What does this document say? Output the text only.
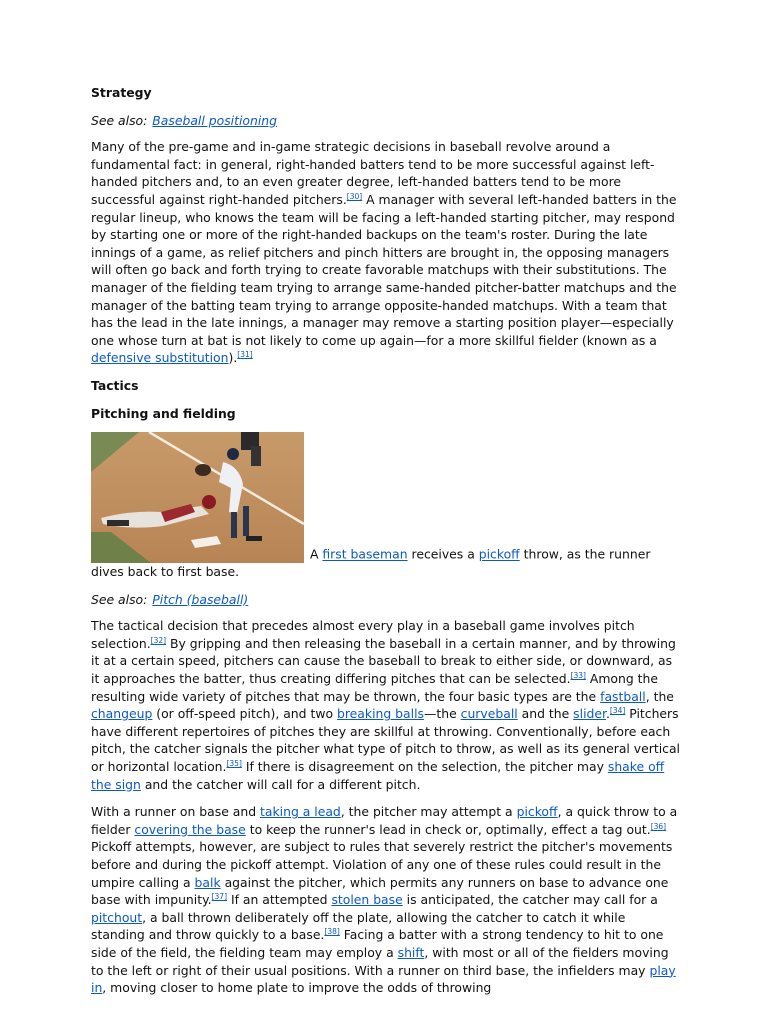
Strategy
See also: Baseball positioning

Many of the pre-game and in-game strategic decisions in baseball revolve around a fundamental fact: in general, right-handed batters tend to be more successful against left-handed pitchers and, to an even greater degree, left-handed batters tend to be more successful against right-handed pitchers.[30] A manager with several left-handed batters in the regular lineup, who knows the team will be facing a left-handed starting pitcher, may respond by starting one or more of the right-handed backups on the team's roster. During the late innings of a game, as relief pitchers and pinch hitters are brought in, the opposing managers will often go back and forth trying to create favorable matchups with their substitutions. The manager of the fielding team trying to arrange same-handed pitcher-batter matchups and the manager of the batting team trying to arrange opposite-handed matchups. With a team that has the lead in the late innings, a manager may remove a starting position player—especially one whose turn at bat is not likely to come up again—for a more skillful fielder (known as a defensive substitution).[31]

Tactics
Pitching and fielding
A first baseman receives a pickoff throw, as the runner dives back to first base.
See also: Pitch (baseball)

The tactical decision that precedes almost every play in a baseball game involves pitch selection.[32] By gripping and then releasing the baseball in a certain manner, and by throwing it at a certain speed, pitchers can cause the baseball to break to either side, or downward, as it approaches the batter, thus creating differing pitches that can be selected.[33] Among the resulting wide variety of pitches that may be thrown, the four basic types are the fastball, the changeup (or off-speed pitch), and two breaking balls—the curveball and the slider.[34] Pitchers have different repertoires of pitches they are skillful at throwing. Conventionally, before each pitch, the catcher signals the pitcher what type of pitch to throw, as well as its general vertical or horizontal location.[35] If there is disagreement on the selection, the pitcher may shake off the sign and the catcher will call for a different pitch.

With a runner on base and taking a lead, the pitcher may attempt a pickoff, a quick throw to a fielder covering the base to keep the runner's lead in check or, optimally, effect a tag out.[36] Pickoff attempts, however, are subject to rules that severely restrict the pitcher's movements before and during the pickoff attempt. Violation of any one of these rules could result in the umpire calling a balk against the pitcher, which permits any runners on base to advance one base with impunity.[37] If an attempted stolen base is anticipated, the catcher may call for a pitchout, a ball thrown deliberately off the plate, allowing the catcher to catch it while standing and throw quickly to a base.[38] Facing a batter with a strong tendency to hit to one side of the field, the fielding team may employ a shift, with most or all of the fielders moving to the left or right of their usual positions. With a runner on third base, the infielders may play in, moving closer to home plate to improve the odds of throwing
